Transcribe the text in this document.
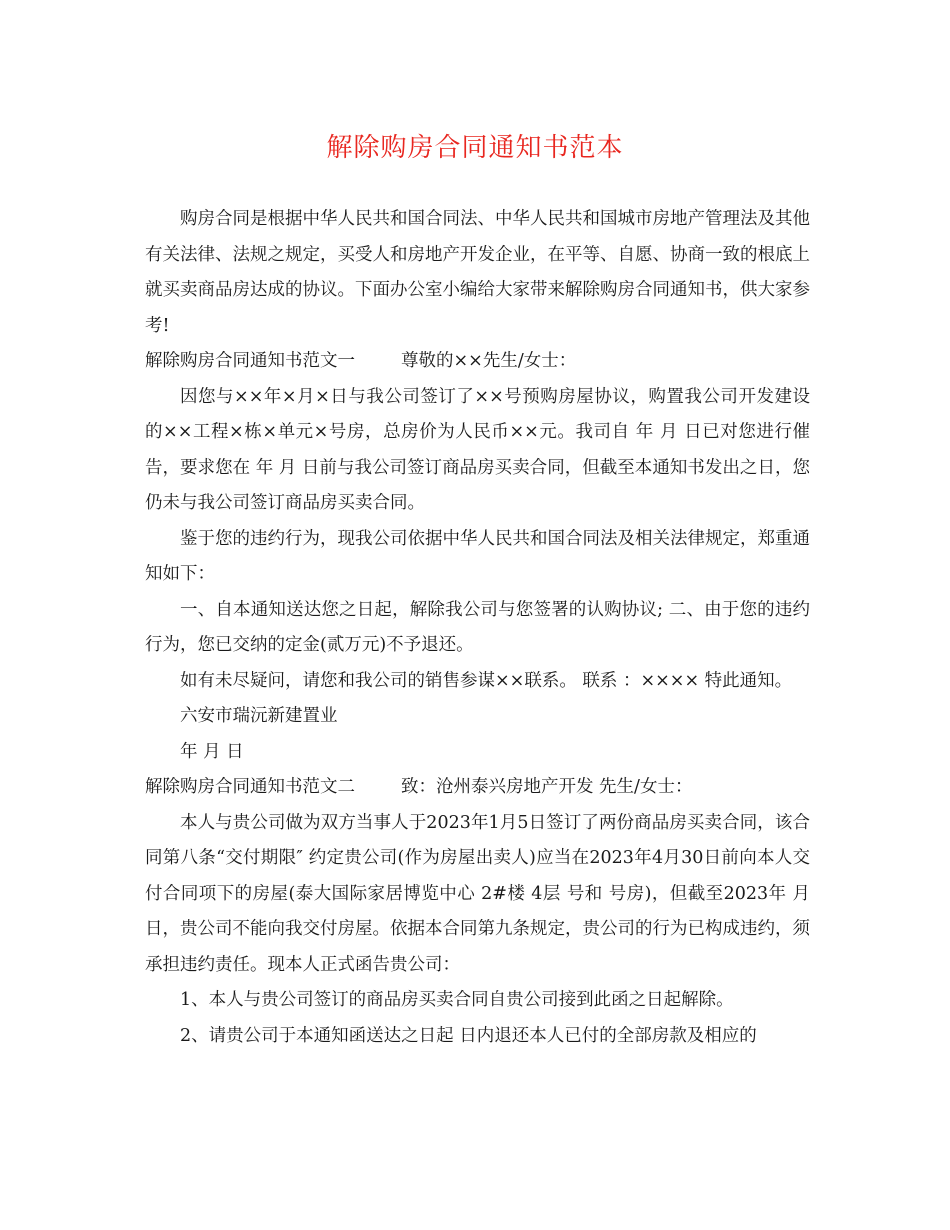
解除购房合同通知书范本

购房合同是根据中华人民共和国合同法、中华人民共和国城市房地产管理法及其他有关法律、法规之规定，买受人和房地产开发企业，在平等、自愿、协商一致的根底上就买卖商品房达成的协议。下面办公室小编给大家带来解除购房合同通知书，供大家参考!

解除购房合同通知书范文一	尊敬的××先生/女士：

因您与××年×月×日与我公司签订了××号预购房屋协议，购置我公司开发建设的××工程×栋×单元×号房，总房价为人民币××元。我司自 年 月 日已对您进行催告，要求您在 年 月 日前与我公司签订商品房买卖合同，但截至本通知书发出之日，您仍未与我公司签订商品房买卖合同。

鉴于您的违约行为，现我公司依据中华人民共和国合同法及相关法律规定，郑重通知如下：

一、自本通知送达您之日起，解除我公司与您签署的认购协议; 二、由于您的违约行为，您已交纳的定金(贰万元)不予退还。

如有未尽疑问，请您和我公司的销售参谋××联系。 联系 ：×××× 特此通知。

六安市瑞沅新建置业

年 月 日

解除购房合同通知书范文二	致：沧州泰兴房地产开发 先生/女士：

本人与贵公司做为双方当事人于2023年1月5日签订了两份商品房买卖合同，该合同第八条“交付期限″ 约定贵公司(作为房屋出卖人)应当在2023年4月30日前向本人交付合同项下的房屋(泰大国际家居博览中心 2#楼 4层 号和 号房)，但截至2023年 月 日，贵公司不能向我交付房屋。依据本合同第九条规定，贵公司的行为已构成违约，须承担违约责任。现本人正式函告贵公司：

1、本人与贵公司签订的商品房买卖合同自贵公司接到此函之日起解除。

2、请贵公司于本通知函送达之日起 日内退还本人已付的全部房款及相应的
